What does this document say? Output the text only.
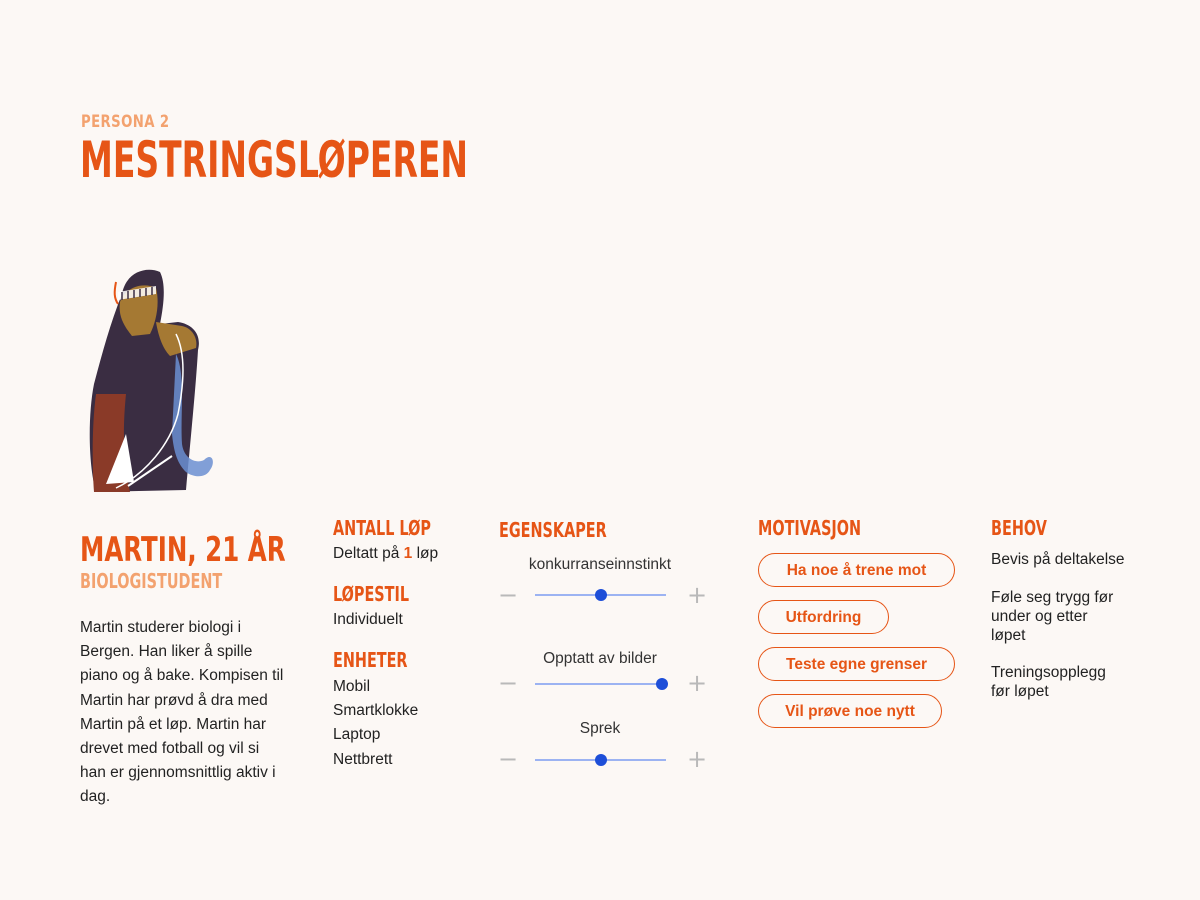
PERSONA 2
MESTRINGSLØPEREN
MARTIN, 21 ÅR
BIOLOGISTUDENT
Martin studerer biologi i Bergen. Han liker å spille piano og å bake. Kompisen til Martin har prøvd å dra med Martin på et løp. Martin har drevet med fotball og vil si han er gjennomsnittlig aktiv i dag.
ANTALL LØP
Deltatt på 1 løp
LØPESTIL
Individuelt
ENHETER
Mobil
Smartklokke
Laptop
Nettbrett
EGENSKAPER
konkurranseinnstinkt
−	+
Opptatt av bilder
−	+
Sprek
−	+
MOTIVASJON
Ha noe å trene mot
Utfordring
Teste egne grenser
Vil prøve noe nytt
BEHOV
Bevis på deltakelse
Føle seg trygg før under og etter løpet
Treningsopplegg før løpet
